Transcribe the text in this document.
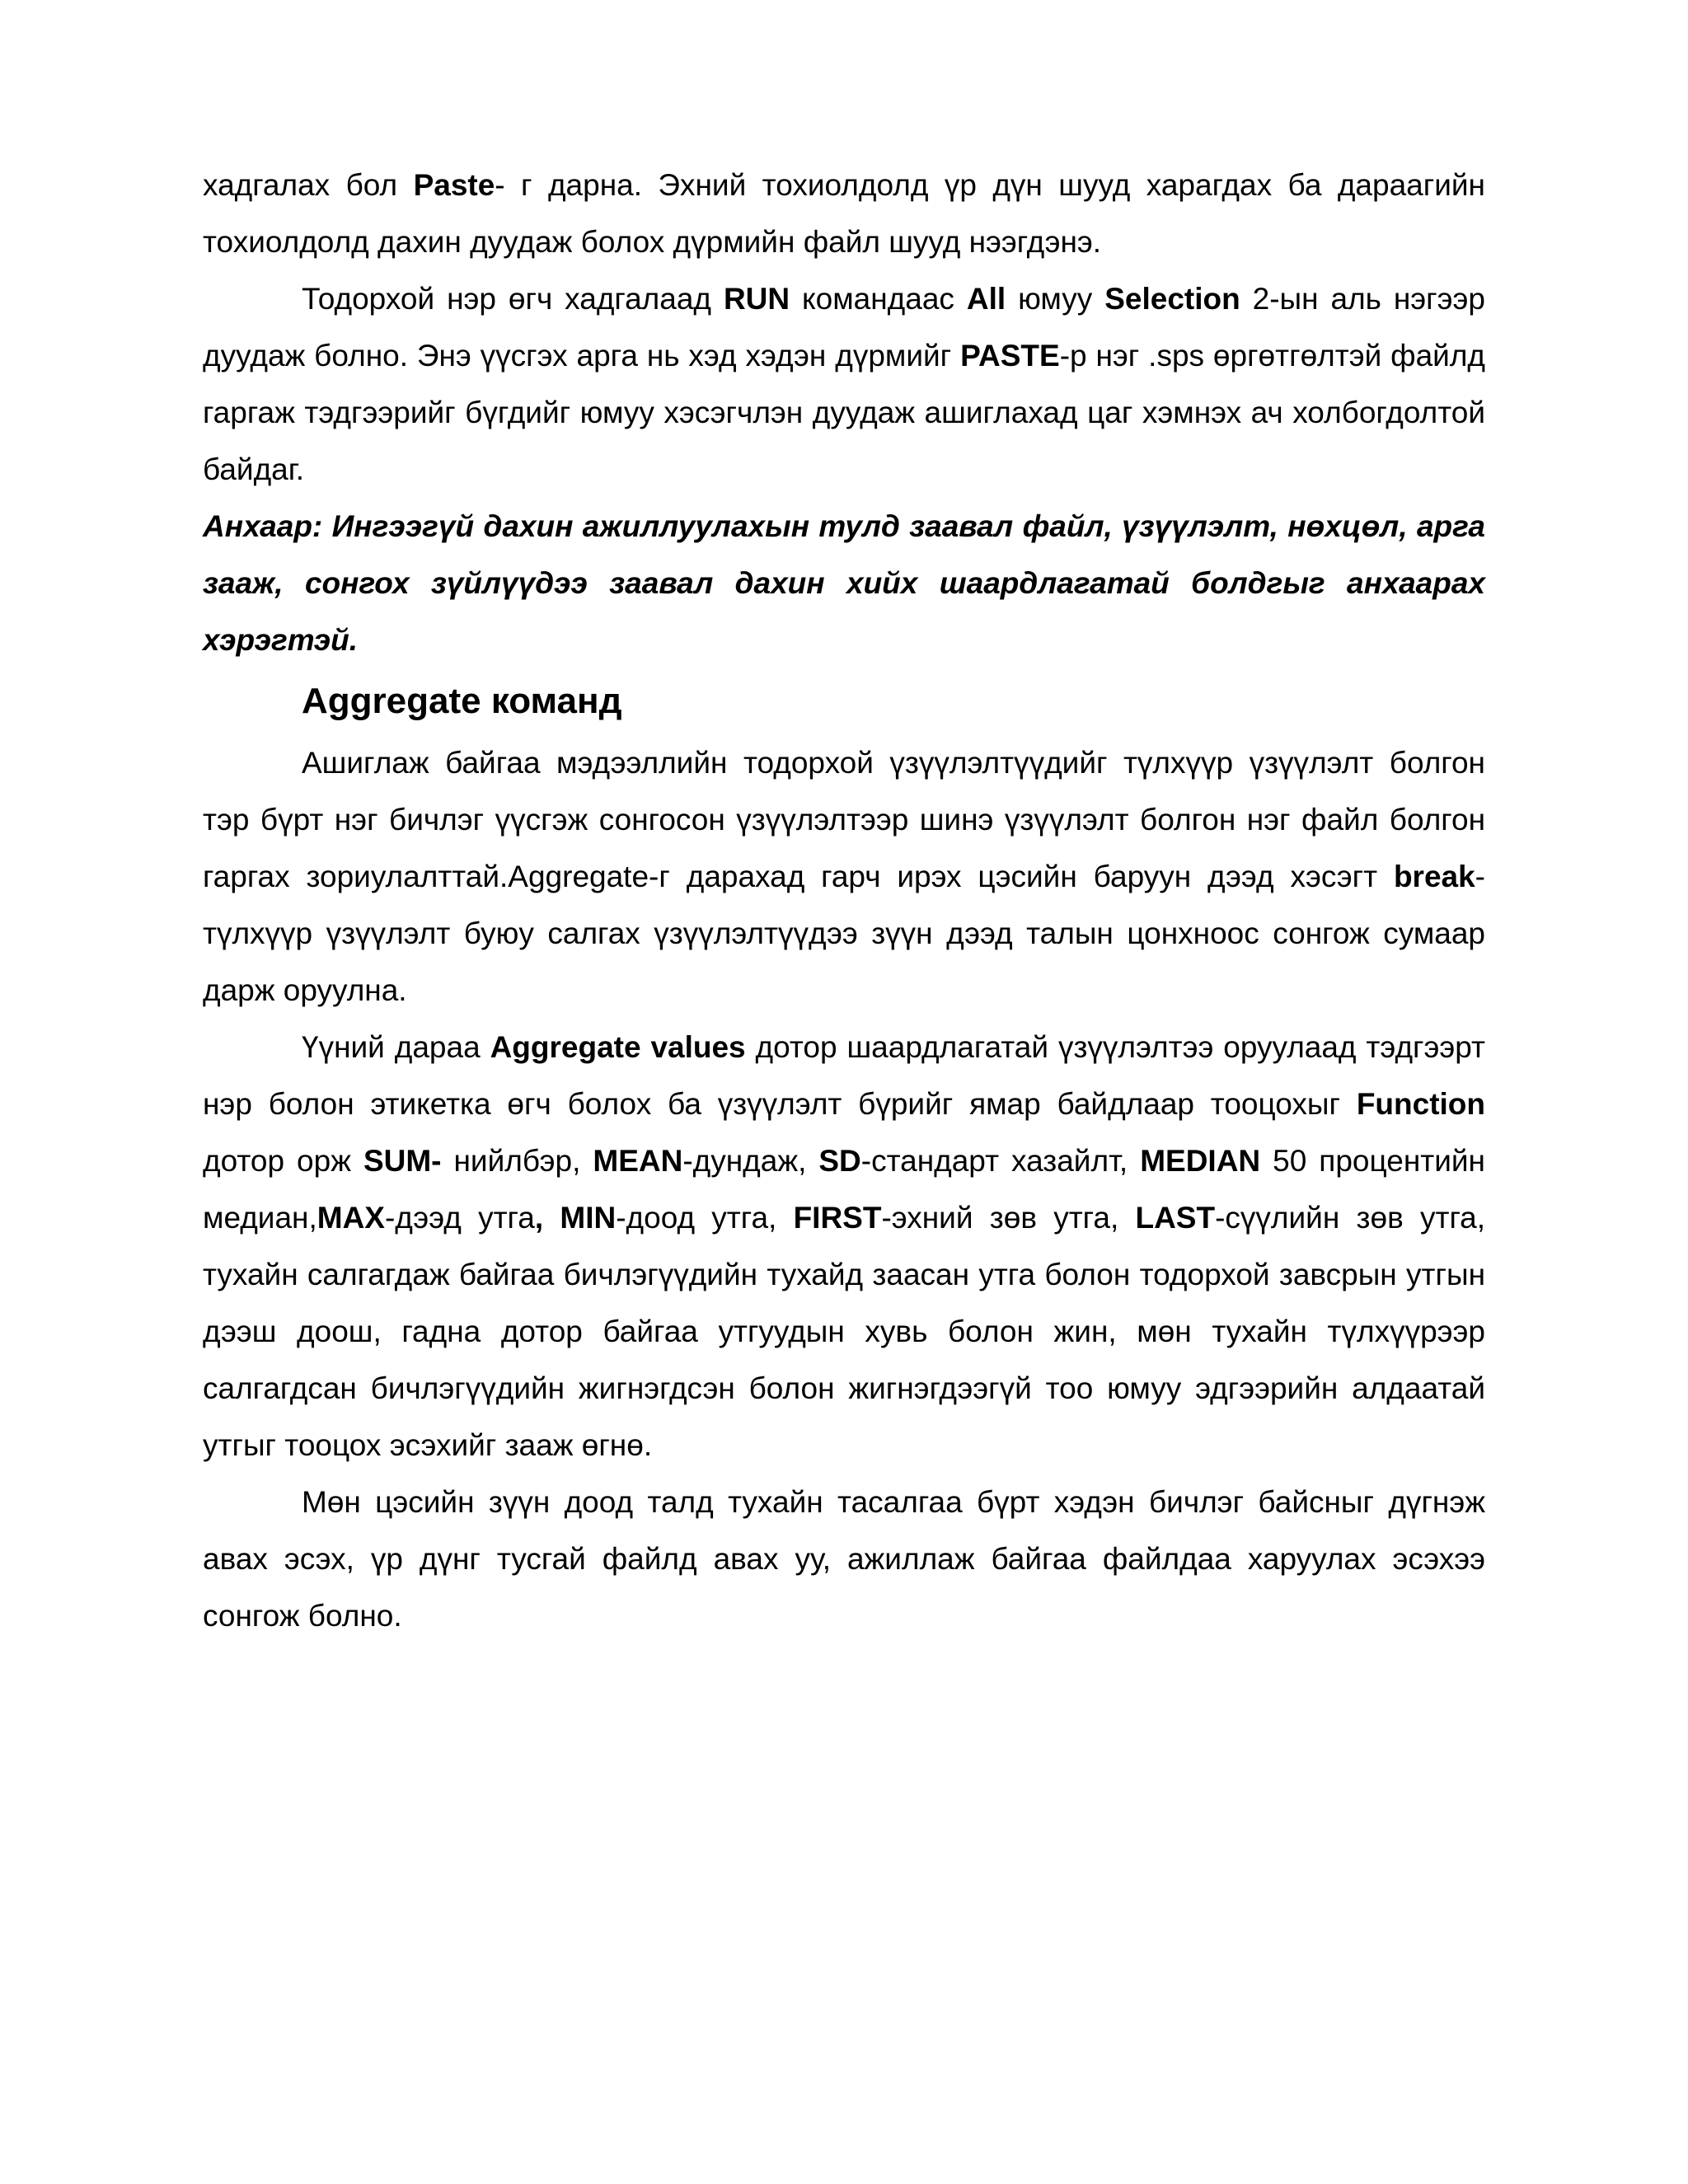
хадгалах бол Paste- г дарна. Эхний тохиолдолд үр дүн шууд харагдах ба дараагийн тохиолдолд дахин дуудаж болох дүрмийн файл шууд нээгдэнэ.

Тодорхой нэр өгч хадгалаад RUN командаас All юмуу Selection 2-ын аль нэгээр дуудаж болно. Энэ үүсгэх арга нь хэд хэдэн дүрмийг PASTE-р нэг .sps өргөтгөлтэй файлд гаргаж тэдгээрийг бүгдийг юмуу хэсэгчлэн дуудаж ашиглахад цаг хэмнэх ач холбогдолтой байдаг.

Анхаар: Ингээгүй дахин ажиллуулахын тулд заавал файл, үзүүлэлт, нөхцөл, арга зааж, сонгох зүйлүүдээ заавал дахин хийх шаардлагатай болдгыг анхаарах хэрэгтэй.

Aggregate команд

Ашиглаж байгаа мэдээллийн тодорхой үзүүлэлтүүдийг түлхүүр үзүүлэлт болгон тэр бүрт нэг бичлэг үүсгэж сонгосон үзүүлэлтээр шинэ үзүүлэлт болгон нэг файл болгон гаргах зориулалттай.Aggregate-г дарахад гарч ирэх цэсийн баруун дээд хэсэгт break-түлхүүр үзүүлэлт буюу салгах үзүүлэлтүүдээ зүүн дээд талын цонхноос сонгож сумаар дарж оруулна.

Үүний дараа Aggregate values дотор шаардлагатай үзүүлэлтээ оруулаад тэдгээрт нэр болон этикетка өгч болох ба үзүүлэлт бүрийг ямар байдлаар тооцохыг Function дотор орж SUM- нийлбэр, MEAN-дундаж, SD-стандарт хазайлт, MEDIAN 50 процентийн медиан,MAX-дээд утга, MIN-доод утга, FIRST-эхний зөв утга, LAST-сүүлийн зөв утга, тухайн салгагдаж байгаа бичлэгүүдийн тухайд заасан утга болон тодорхой завсрын утгын дээш доош, гадна дотор байгаа утгуудын хувь болон жин, мөн тухайн түлхүүрээр салгагдсан бичлэгүүдийн жигнэгдсэн болон жигнэгдээгүй тоо юмуу эдгээрийн алдаатай утгыг тооцох эсэхийг зааж өгнө.

Мөн цэсийн зүүн доод талд тухайн тасалгаа бүрт хэдэн бичлэг байсныг дүгнэж авах эсэх, үр дүнг тусгай файлд авах уу, ажиллаж байгаа файлдаа харуулах эсэхээ сонгож болно.
